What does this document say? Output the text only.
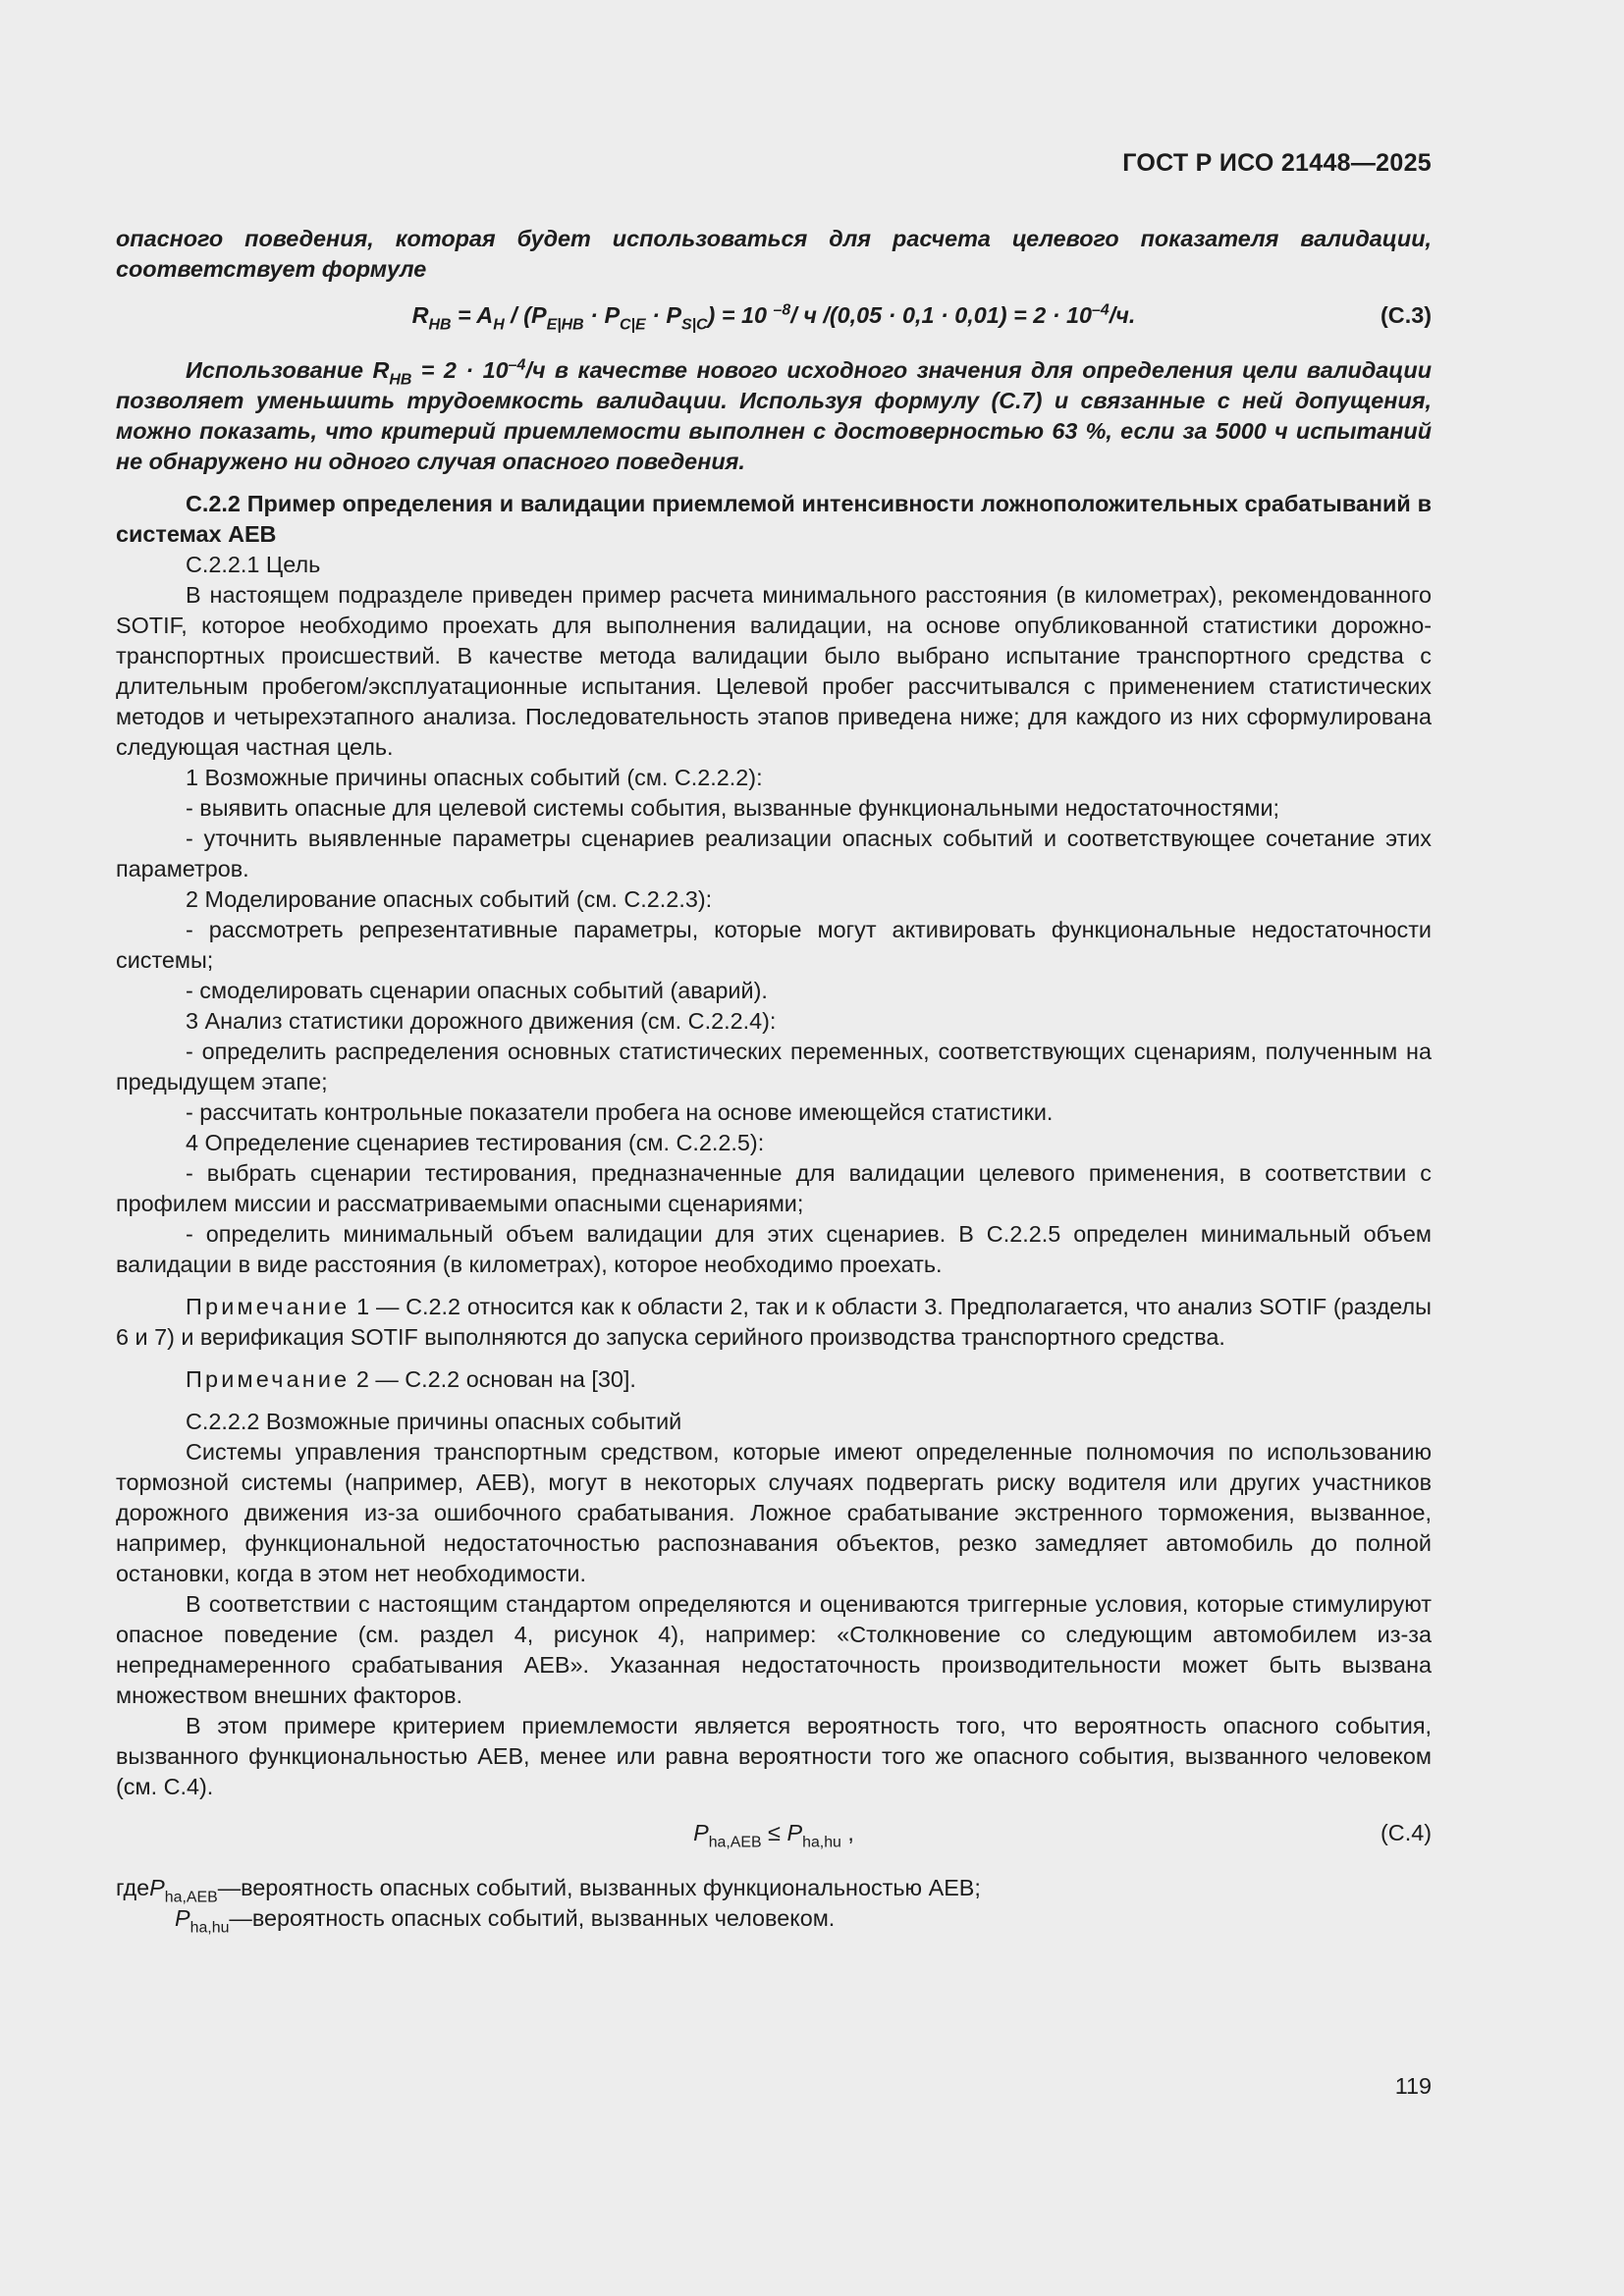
ГОСТ Р ИСО 21448—2025

опасного поведения, которая будет использоваться для расчета целевого показателя валидации, соответствует формуле

$R_{HB} = A_H / (P_{E|HB} \cdot P_{C|E} \cdot P_{S|C}) = 10$ $^{-8}$/ ч $/(0,05 \cdot 0,1 \cdot 0,01) = 2 \cdot 10^{-4}/ч$.	(C.3)

Использование $R_{HB} = 2 \cdot 10^{-4}/ч$ в качестве нового исходного значения для определения цели валидации позволяет уменьшить трудоемкость валидации. Используя формулу (C.7) и связанные с ней допущения, можно показать, что критерий приемлемости выполнен с достоверностью 63 %, если за 5000 ч испытаний не обнаружено ни одного случая опасного поведения.

C.2.2 Пример определения и валидации приемлемой интенсивности ложноположительных срабатываний в системах AEB

C.2.2.1 Цель

В настоящем подразделе приведен пример расчета минимального расстояния (в километрах), рекомендованного SOTIF, которое необходимо проехать для выполнения валидации, на основе опубликованной статистики дорожно-транспортных происшествий. В качестве метода валидации было выбрано испытание транспортного средства с длительным пробегом/эксплуатационные испытания. Целевой пробег рассчитывался с применением статистических методов и четырехэтапного анализа. Последовательность этапов приведена ниже; для каждого из них сформулирована следующая частная цель.

1 Возможные причины опасных событий (см. C.2.2.2):

- выявить опасные для целевой системы события, вызванные функциональными недостаточностями;

- уточнить выявленные параметры сценариев реализации опасных событий и соответствующее сочетание этих параметров.

2 Моделирование опасных событий (см. C.2.2.3):

- рассмотреть репрезентативные параметры, которые могут активировать функциональные недостаточности системы;

- смоделировать сценарии опасных событий (аварий).

3 Анализ статистики дорожного движения (см. C.2.2.4):

- определить распределения основных статистических переменных, соответствующих сценариям, полученным на предыдущем этапе;

- рассчитать контрольные показатели пробега на основе имеющейся статистики.

4 Определение сценариев тестирования (см. C.2.2.5):

- выбрать сценарии тестирования, предназначенные для валидации целевого применения, в соответствии с профилем миссии и рассматриваемыми опасными сценариями;

- определить минимальный объем валидации для этих сценариев. В C.2.2.5 определен минимальный объем валидации в виде расстояния (в километрах), которое необходимо проехать.

Примечание 1 — C.2.2 относится как к области 2, так и к области 3. Предполагается, что анализ SOTIF (разделы 6 и 7) и верификация SOTIF выполняются до запуска серийного производства транспортного средства.

Примечание 2 — C.2.2 основан на [30].

C.2.2.2 Возможные причины опасных событий

Системы управления транспортным средством, которые имеют определенные полномочия по использованию тормозной системы (например, AEB), могут в некоторых случаях подвергать риску водителя или других участников дорожного движения из-за ошибочного срабатывания. Ложное срабатывание экстренного торможения, вызванное, например, функциональной недостаточностью распознавания объектов, резко замедляет автомобиль до полной остановки, когда в этом нет необходимости.

В соответствии с настоящим стандартом определяются и оцениваются триггерные условия, которые стимулируют опасное поведение (см. раздел 4, рисунок 4), например: «Столкновение со следующим автомобилем из-за непреднамеренного срабатывания AEB». Указанная недостаточность производительности может быть вызвана множеством внешних факторов.

В этом примере критерием приемлемости является вероятность того, что вероятность опасного события, вызванного функциональностью AEB, менее или равна вероятности того же опасного события, вызванного человеком (см. C.4).

$P_{ha,AEB} \le P_{ha,hu}$ ,	(C.4)
где $P_{ha,AEB}$ — вероятность опасных событий, вызванных функциональностью AEB;
$P_{ha,hu}$ — вероятность опасных событий, вызванных человеком.
119
